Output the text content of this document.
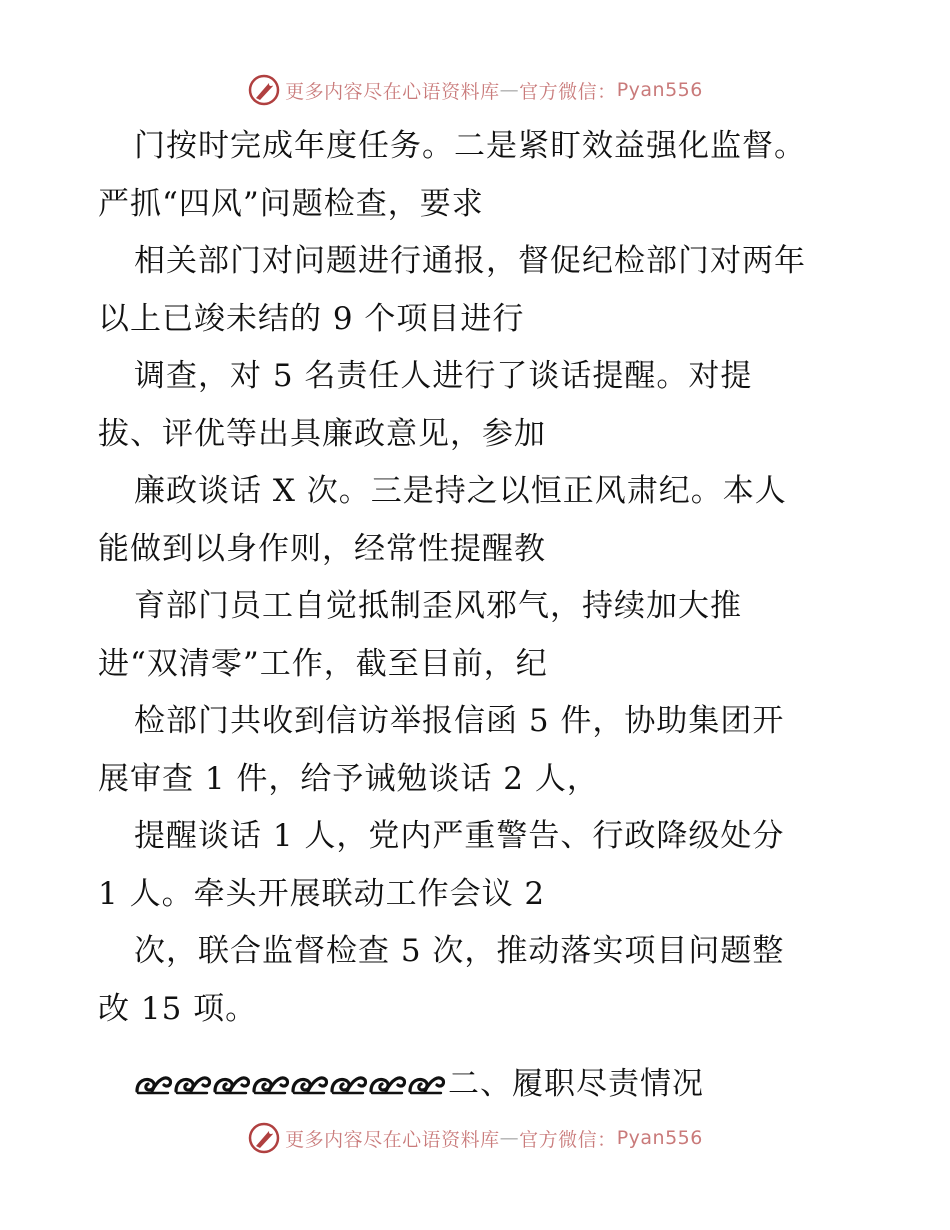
更多内容尽在心语资料库 — 官方微信： Pyan556
门按时完成年度任务。二是紧盯效益强化监督。
严抓“四风”问题检查，要求
相关部门对问题进行通报，督促纪检部门对两年
以上已竣未结的 9 个项目进行
调查，对 5 名责任人进行了谈话提醒。对提
拔、评优等出具廉政意见，参加
廉政谈话 X 次。三是持之以恒正风肃纪。本人
能做到以身作则，经常性提醒教
育部门员工自觉抵制歪风邪气，持续加大推
进“双清零”工作，截至目前，纪
检部门共收到信访举报信函 5 件，协助集团开
展审查 1 件，给予诫勉谈话 2 人，
提醒谈话 1 人，党内严重警告、行政降级处分
1 人。牵头开展联动工作会议 2
次，联合监督检查 5 次，推动落实项目问题整
改 15 项。
二、履职尽责情况
更多内容尽在心语资料库 — 官方微信： Pyan556
